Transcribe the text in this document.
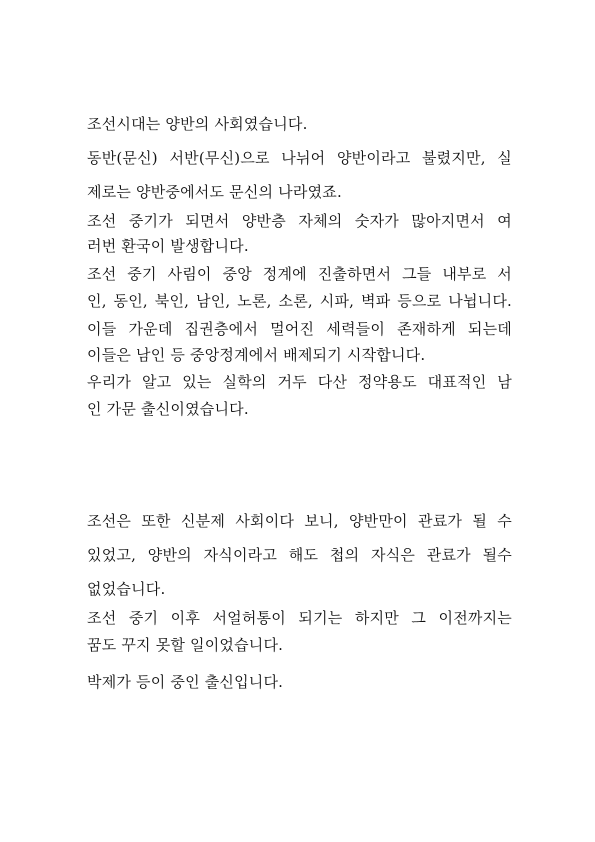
조선시대는 양반의 사회였습니다.
동반(문신) 서반(무신)으로 나뉘어 양반이라고 불렸지만, 실
제로는 양반중에서도 문신의 나라였죠.
조선 중기가 되면서 양반층 자체의 숫자가 많아지면서 여
러번 환국이 발생합니다.
조선 중기 사림이 중앙 정계에 진출하면서 그들 내부로 서
인, 동인, 북인, 남인, 노론, 소론, 시파, 벽파 등으로 나뉩니다.
이들 가운데 집권층에서 멀어진 세력들이 존재하게 되는데
이들은 남인 등 중앙정계에서 배제되기 시작합니다.
우리가 알고 있는 실학의 거두 다산 정약용도 대표적인 남
인 가문 출신이였습니다.
조선은 또한 신분제 사회이다 보니, 양반만이 관료가 될 수
있었고, 양반의 자식이라고 해도 첩의 자식은 관료가 될수
없었습니다.
조선 중기 이후 서얼허통이 되기는 하지만 그 이전까지는
꿈도 꾸지 못할 일이었습니다.
박제가 등이 중인 출신입니다.
